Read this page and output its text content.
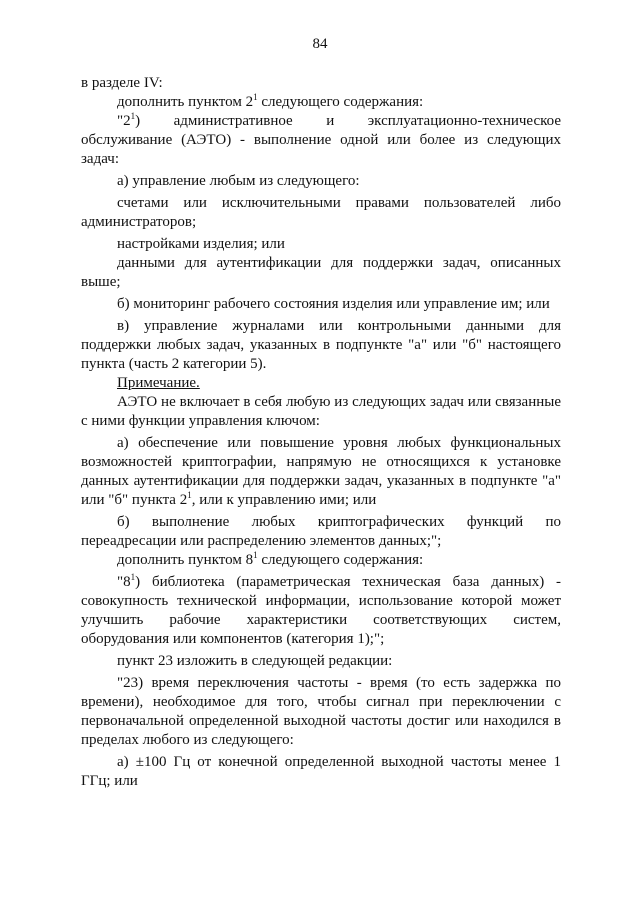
84

в разделе IV:

дополнить пунктом $2^1$ следующего содержания:

"$2^1$) административное и эксплуатационно-техническое обслуживание (АЭТО) - выполнение одной или более из следующих задач:

а) управление любым из следующего:

счетами или исключительными правами пользователей либо администраторов;

настройками изделия; или

данными для аутентификации для поддержки задач, описанных выше;

б) мониторинг рабочего состояния изделия или управление им; или

в) управление журналами или контрольными данными для поддержки любых задач, указанных в подпункте "а" или "б" настоящего пункта (часть 2 категории 5).

Примечание.

АЭТО не включает в себя любую из следующих задач или связанные с ними функции управления ключом:

а) обеспечение или повышение уровня любых функциональных возможностей криптографии, напрямую не относящихся к установке данных аутентификации для поддержки задач, указанных в подпункте "а" или "б" пункта $2^1$, или к управлению ими; или

б) выполнение любых криптографических функций по переадресации или распределению элементов данных;";

дополнить пунктом $8^1$ следующего содержания:

"$8^1$) библиотека (параметрическая техническая база данных) - совокупность технической информации, использование которой может улучшить рабочие характеристики соответствующих систем, оборудования или компонентов (категория 1);";

пункт 23 изложить в следующей редакции:

"23) время переключения частоты - время (то есть задержка по времени), необходимое для того, чтобы сигнал при переключении с первоначальной определенной выходной частоты достиг или находился в пределах любого из следующего:

а) ±100 Гц от конечной определенной выходной частоты менее 1 ГГц; или
